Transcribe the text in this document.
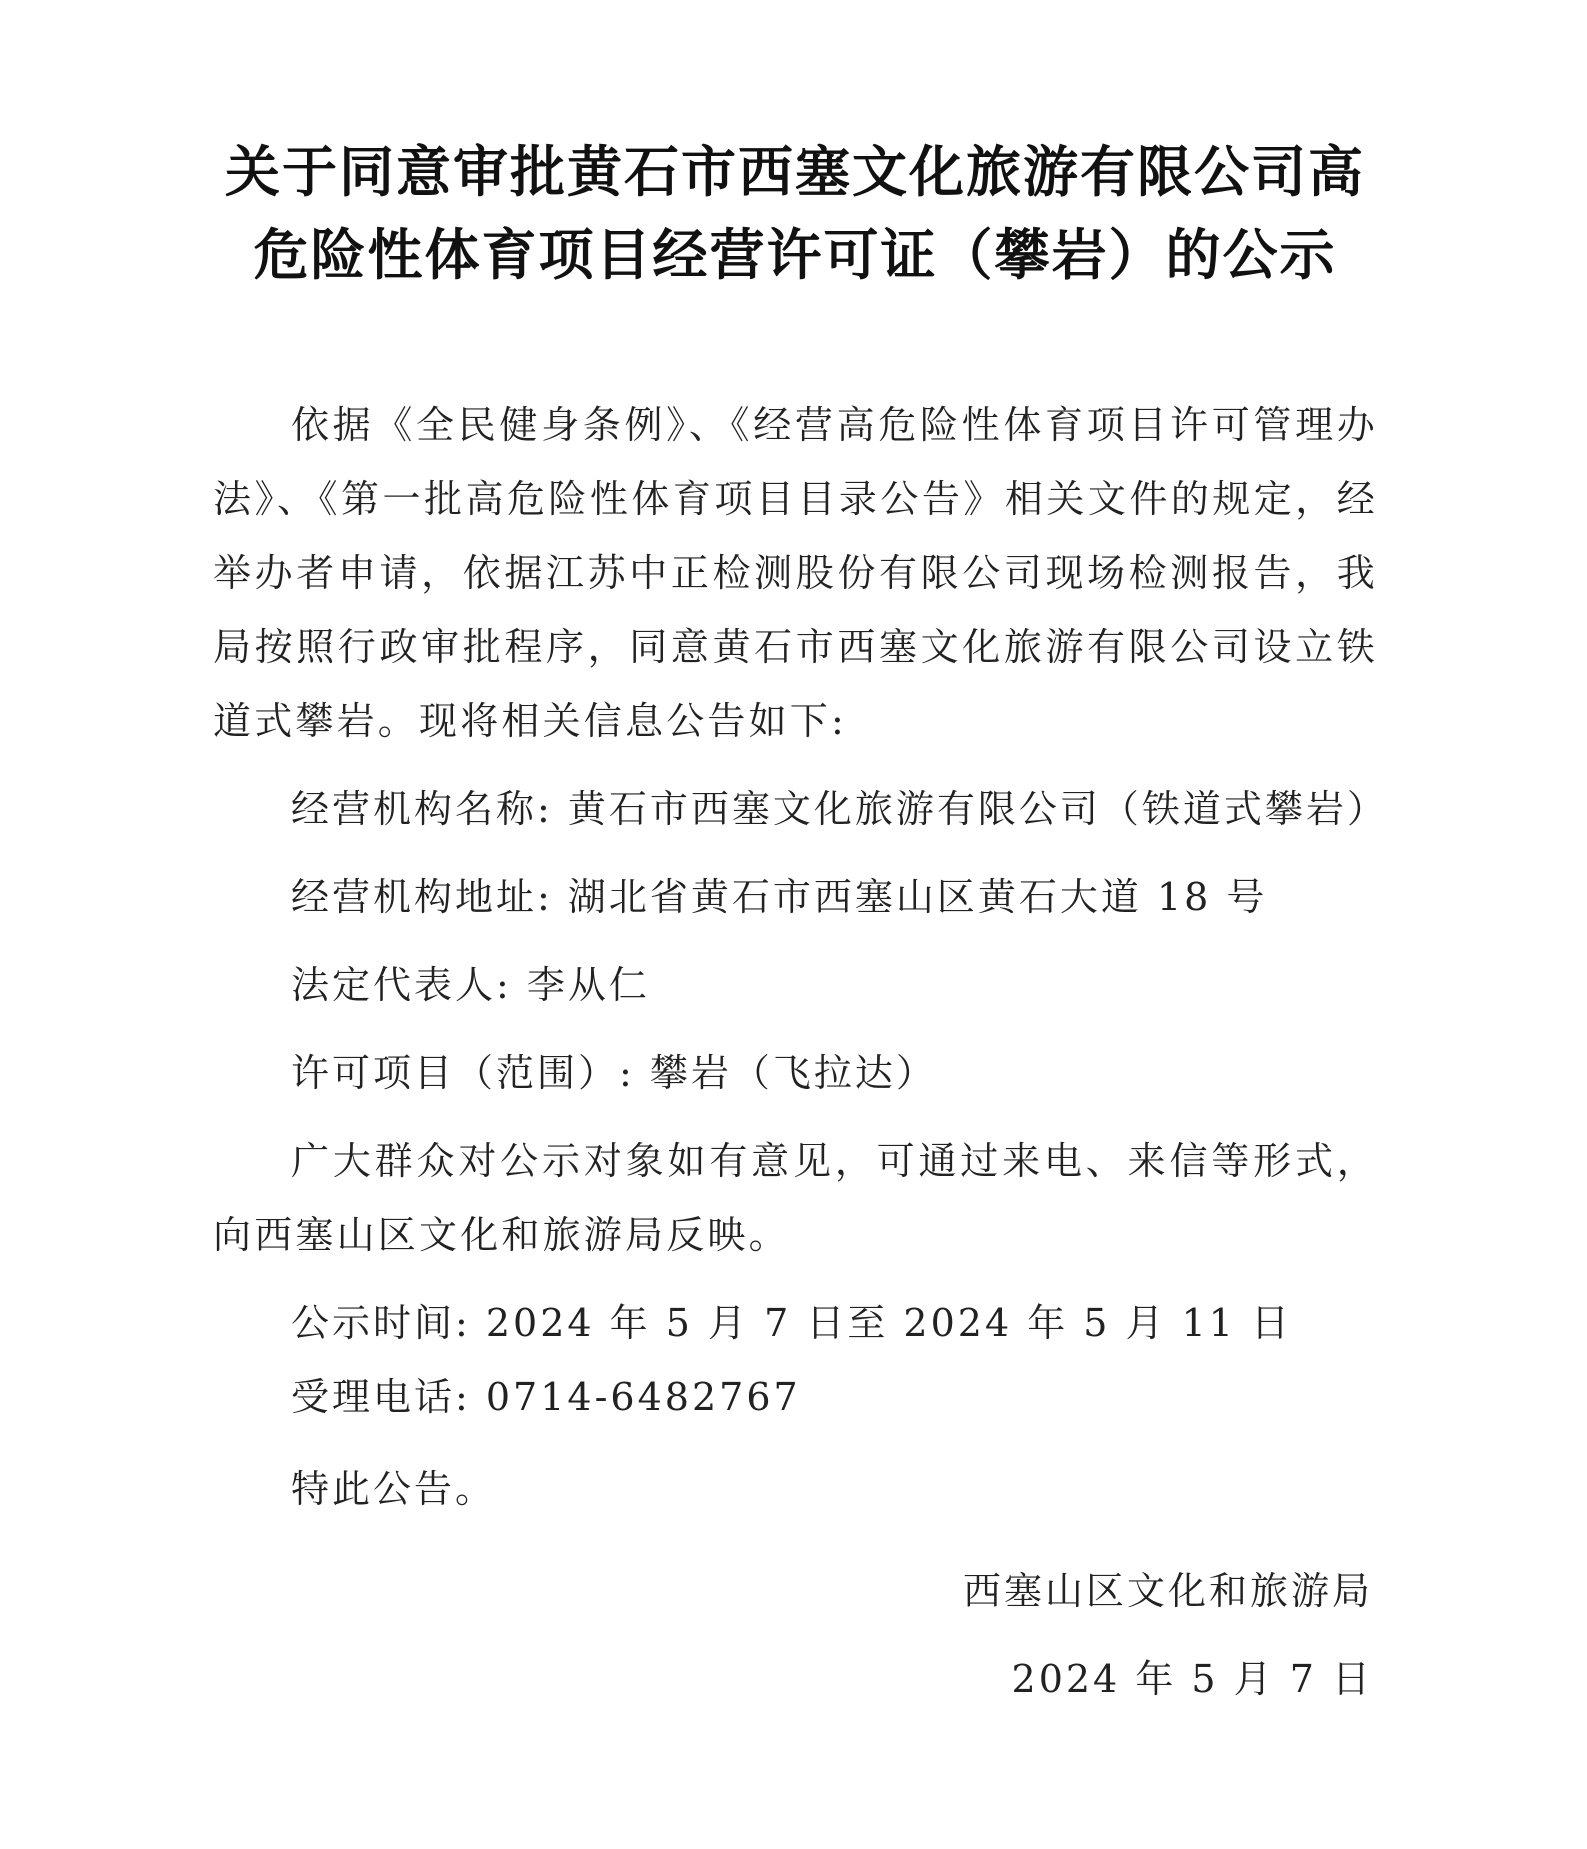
关于同意审批黄石市西塞文化旅游有限公司高
危险性体育项目经营许可证（攀岩）的公示

依据《全民健身条例》、《经营高危险性体育项目许可管理办法》、《第一批高危险性体育项目目录公告》相关文件的规定，经举办者申请，依据江苏中正检测股份有限公司现场检测报告，我局按照行政审批程序，同意黄石市西塞文化旅游有限公司设立铁道式攀岩。现将相关信息公告如下:

经营机构名称: 黄石市西塞文化旅游有限公司（铁道式攀岩）
经营机构地址: 湖北省黄石市西塞山区黄石大道 18 号
法定代表人: 李从仁
许可项目（范围）: 攀岩（飞拉达）

广大群众对公示对象如有意见，可通过来电、来信等形式，向西塞山区文化和旅游局反映。

公示时间: 2024 年 5 月 7 日至 2024 年 5 月 11 日
受理电话: 0714-6482767
特此公告。
西塞山区文化和旅游局
2024 年 5 月 7 日
